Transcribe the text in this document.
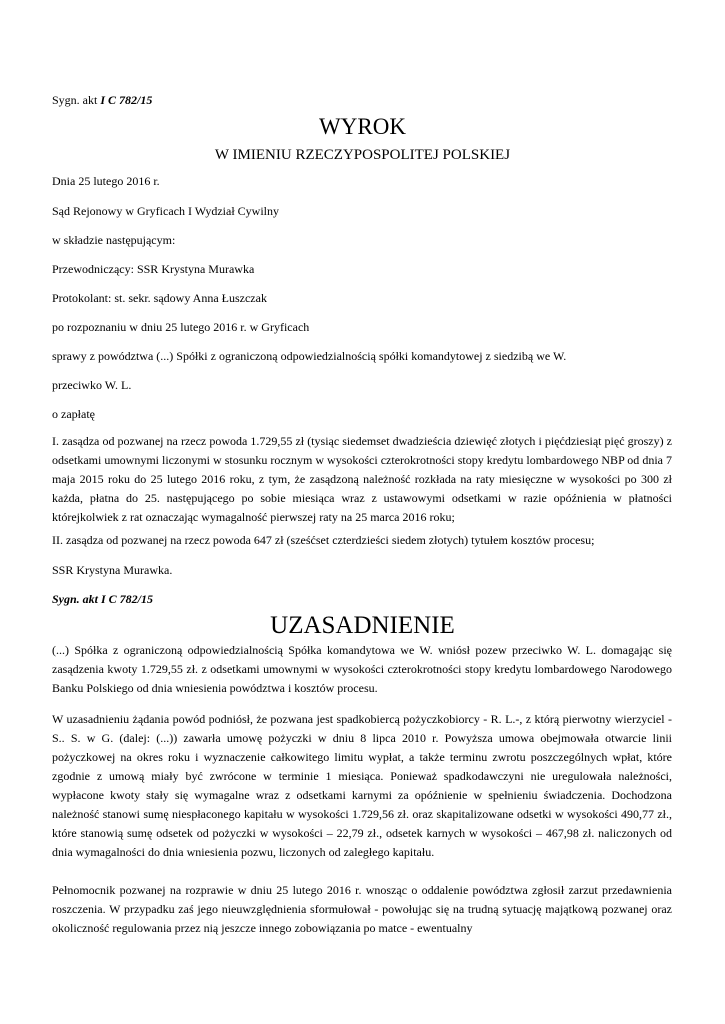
Sygn. akt I C 782/15
WYROK
W IMIENIU RZECZYPOSPOLITEJ POLSKIEJ
Dnia 25 lutego 2016 r.
Sąd Rejonowy w Gryficach I Wydział Cywilny
w składzie następującym:
Przewodniczący: SSR Krystyna Murawka
Protokolant: st. sekr. sądowy Anna Łuszczak
po rozpoznaniu w dniu 25 lutego 2016 r. w Gryficach
sprawy z powództwa (...) Spółki z ograniczoną odpowiedzialnością spółki komandytowej z siedzibą we W.
przeciwko W. L.
o zapłatę
I. zasądza od pozwanej na rzecz powoda 1.729,55 zł (tysiąc siedemset dwadzieścia dziewięć złotych i pięćdziesiąt pięć groszy) z odsetkami umownymi liczonymi w stosunku rocznym w wysokości czterokrotności stopy kredytu lombardowego NBP od dnia 7 maja 2015 roku do 25 lutego 2016 roku, z tym, że zasądzoną należność rozkłada na raty miesięczne w wysokości po 300 zł każda, płatna do 25. następującego po sobie miesiąca wraz z ustawowymi odsetkami w razie opóźnienia w płatności którejkolwiek z rat oznaczając wymagalność pierwszej raty na 25 marca 2016 roku;
II. zasądza od pozwanej na rzecz powoda 647 zł (sześćset czterdzieści siedem złotych) tytułem kosztów procesu;
SSR Krystyna Murawka.
Sygn. akt I C 782/15
UZASADNIENIE
(...) Spółka z ograniczoną odpowiedzialnością Spółka komandytowa we W. wniósł pozew przeciwko W. L. domagając się zasądzenia kwoty 1.729,55 zł. z odsetkami umownymi w wysokości czterokrotności stopy kredytu lombardowego Narodowego Banku Polskiego od dnia wniesienia powództwa i kosztów procesu.
W uzasadnieniu żądania powód podniósł, że pozwana jest spadkobiercą pożyczkobiorcy - R. L.-, z którą pierwotny wierzyciel - S.. S. w G. (dalej: (...)) zawarła umowę pożyczki w dniu 8 lipca 2010 r. Powyższa umowa obejmowała otwarcie linii pożyczkowej na okres roku i wyznaczenie całkowitego limitu wypłat, a także terminu zwrotu poszczególnych wpłat, które zgodnie z umową miały być zwrócone w terminie 1 miesiąca. Ponieważ spadkodawczyni nie uregulowała należności, wypłacone kwoty stały się wymagalne wraz z odsetkami karnymi za opóźnienie w spełnieniu świadczenia. Dochodzona należność stanowi sumę niespłaconego kapitału w wysokości 1.729,56 zł. oraz skapitalizowane odsetki w wysokości 490,77 zł., które stanowią sumę odsetek od pożyczki w wysokości – 22,79 zł., odsetek karnych w wysokości – 467,98 zł. naliczonych od dnia wymagalności do dnia wniesienia pozwu, liczonych od zaległego kapitału.
Pełnomocnik pozwanej na rozprawie w dniu 25 lutego 2016 r. wnosząc o oddalenie powództwa zgłosił zarzut przedawnienia roszczenia. W przypadku zaś jego nieuwzględnienia sformułował - powołując się na trudną sytuację majątkową pozwanej oraz okoliczność regulowania przez nią jeszcze innego zobowiązania po matce - ewentualny
